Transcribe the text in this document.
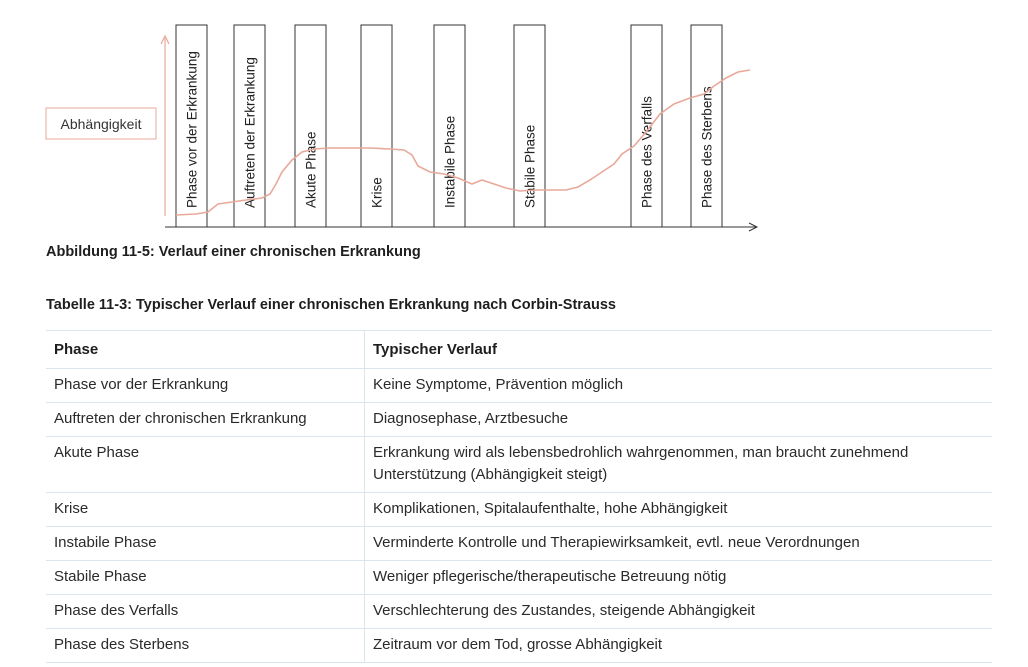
Abhängigkeit	Phase vor der Erkrankung	Auftreten der Erkrankung	Akute Phase	Krise	Instabile Phase	Stabile Phase	Phase des Verfalls	Phase des Sterbens
Abbildung 11-5: Verlauf einer chronischen Erkrankung
Tabelle 11-3: Typischer Verlauf einer chronischen Erkrankung nach Corbin-Strauss
Phase	Typischer Verlauf
Phase vor der Erkrankung	Keine Symptome, Prävention möglich
Auftreten der chronischen Erkrankung	Diagnosephase, Arztbesuche
Akute Phase	Erkrankung wird als lebensbedrohlich wahrgenommen, man braucht zunehmend Unterstützung (Abhängigkeit steigt)
Krise	Komplikationen, Spitalaufenthalte, hohe Abhängigkeit
Instabile Phase	Verminderte Kontrolle und Therapiewirksamkeit, evtl. neue Verordnungen
Stabile Phase	Weniger pflegerische/therapeutische Betreuung nötig
Phase des Verfalls	Verschlechterung des Zustandes, steigende Abhängigkeit
Phase des Sterbens	Zeitraum vor dem Tod, grosse Abhängigkeit
